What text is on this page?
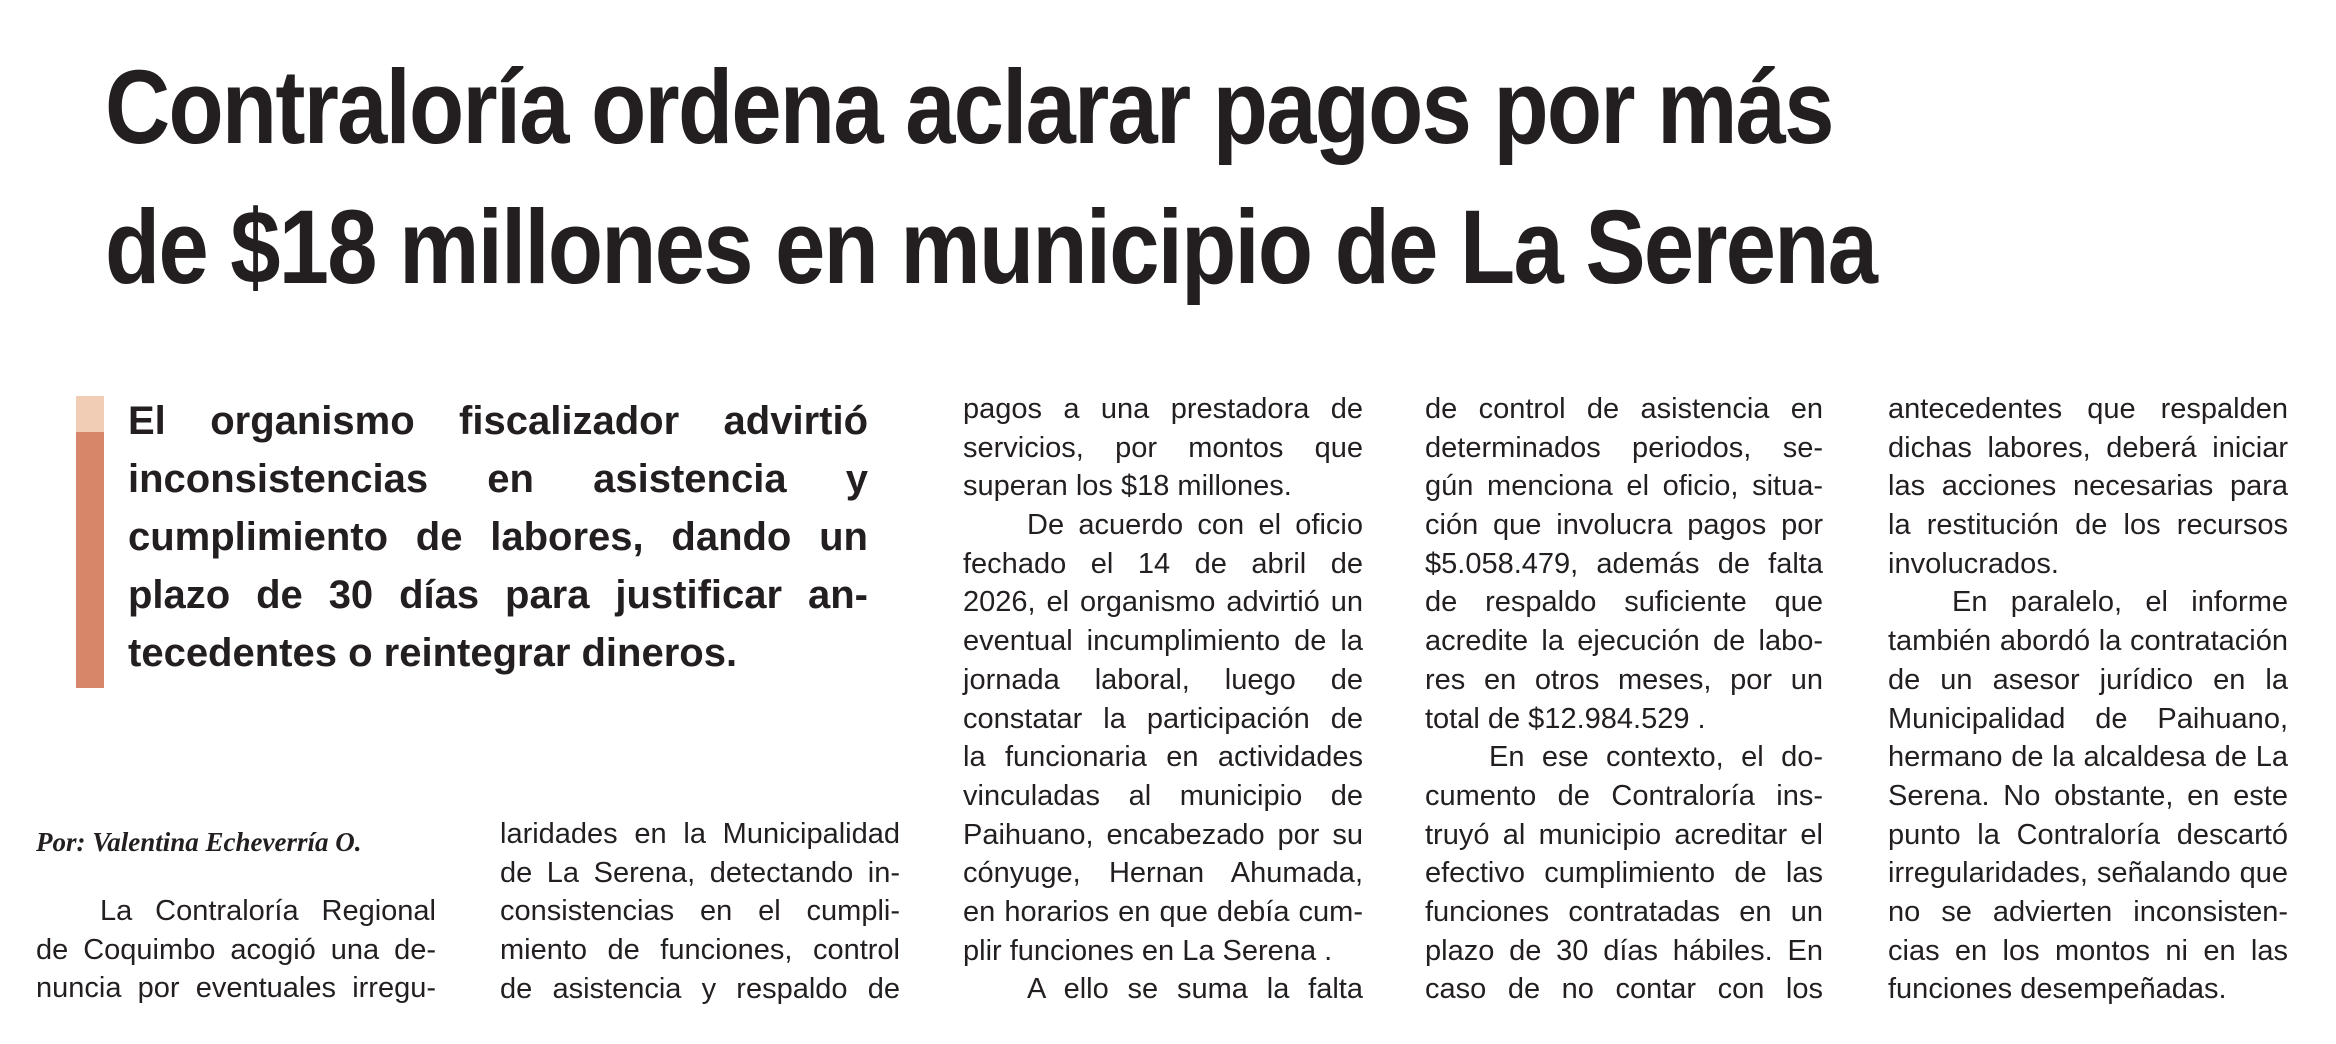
Contraloría ordena aclarar pagos por más
de $18 millones en municipio de La Serena

El organismo fiscalizador advirtió
inconsistencias en asistencia y
cumplimiento de labores, dando un
plazo de 30 días para justificar an-
tecedentes o reintegrar dineros.

Por: Valentina Echeverría O.

La Contraloría Regional
de Coquimbo acogió una de-
nuncia por eventuales irregu-
laridades en la Municipalidad
de La Serena, detectando in-
consistencias en el cumpli-
miento de funciones, control
de asistencia y respaldo de
pagos a una prestadora de
servicios, por montos que
superan los $18 millones.
De acuerdo con el oficio
fechado el 14 de abril de
2026, el organismo advirtió un
eventual incumplimiento de la
jornada laboral, luego de
constatar la participación de
la funcionaria en actividades
vinculadas al municipio de
Paihuano, encabezado por su
cónyuge, Hernan Ahumada,
en horarios en que debía cum-
plir funciones en La Serena .
A ello se suma la falta
de control de asistencia en
determinados periodos, se-
gún menciona el oficio, situa-
ción que involucra pagos por
$5.058.479, además de falta
de respaldo suficiente que
acredite la ejecución de labo-
res en otros meses, por un
total de $12.984.529 .
En ese contexto, el do-
cumento de Contraloría ins-
truyó al municipio acreditar el
efectivo cumplimiento de las
funciones contratadas en un
plazo de 30 días hábiles. En
caso de no contar con los
antecedentes que respalden
dichas labores, deberá iniciar
las acciones necesarias para
la restitución de los recursos
involucrados.
En paralelo, el informe
también abordó la contratación
de un asesor jurídico en la
Municipalidad de Paihuano,
hermano de la alcaldesa de La
Serena. No obstante, en este
punto la Contraloría descartó
irregularidades, señalando que
no se advierten inconsisten-
cias en los montos ni en las
funciones desempeñadas.
